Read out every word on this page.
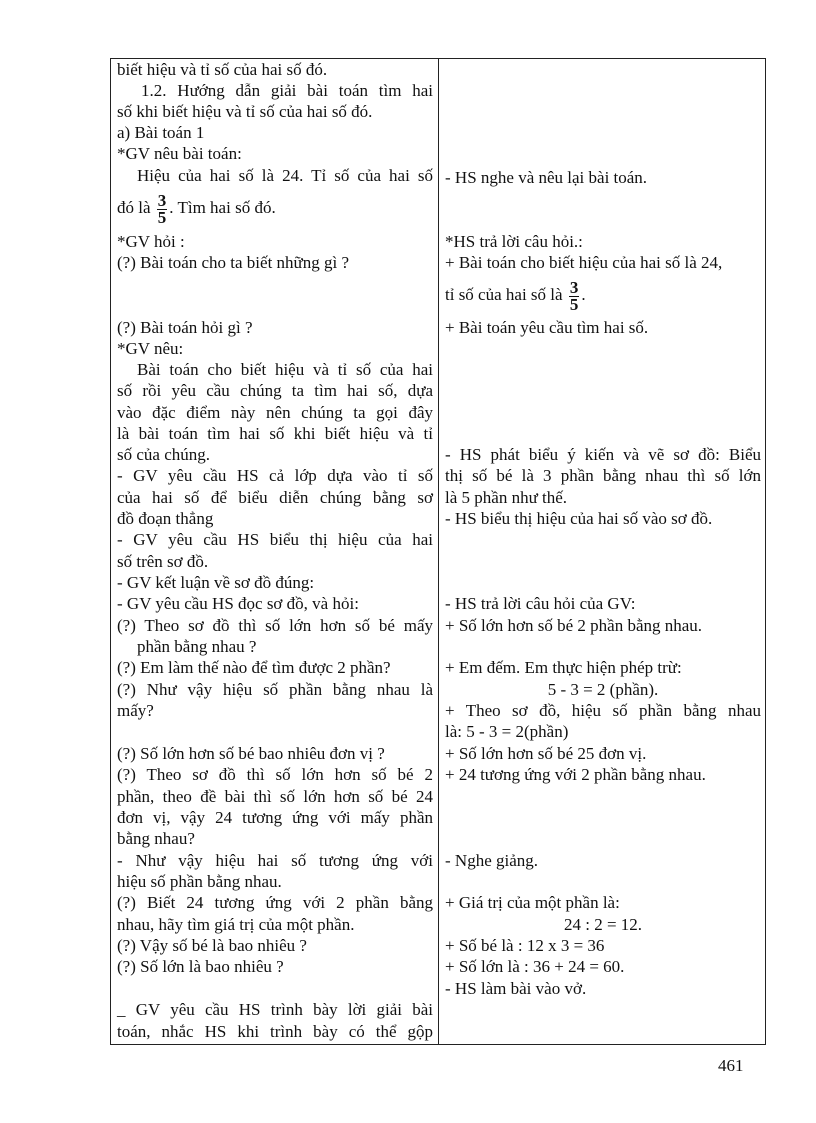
biết hiệu và tỉ số của hai số đó.
1.2. Hướng dẫn giải bài toán tìm hai
số khi biết hiệu và tỉ số của hai số đó.
a) Bài toán 1
*GV nêu bài toán:
Hiệu của hai số là 24. Tỉ số của hai số
đó là $\frac{3}{5}$ . Tìm hai số đó.
*GV hỏi :
(?) Bài toán cho ta biết những gì ?
(?) Bài toán hỏi gì ?
*GV nêu:
Bài toán cho biết hiệu và tỉ số của hai
số rồi yêu cầu chúng ta tìm hai số, dựa
vào đặc điểm này nên chúng ta gọi đây
là bài toán tìm hai số khi biết hiệu và tỉ
số của chúng.
- GV yêu cầu HS cả lớp dựa vào tỉ số
của hai số để biểu diễn chúng bằng sơ
đồ đoạn thẳng
- GV yêu cầu HS biểu thị hiệu của hai
số trên sơ đồ.
- GV kết luận về sơ đồ đúng:
- GV yêu cầu HS đọc sơ đồ, và hỏi:
(?) Theo sơ đồ thì số lớn hơn số bé mấy
phần bằng nhau ?
(?) Em làm thế nào để tìm được 2 phần?
(?) Như vậy hiệu số phần bằng nhau là
mấy?
(?) Số lớn hơn số bé bao nhiêu đơn vị ?
(?) Theo sơ đồ thì số lớn hơn số bé 2
phần, theo đề bài thì số lớn hơn số bé 24
đơn vị, vậy 24 tương ứng với mấy phần
bằng nhau?
- Như vậy hiệu hai số tương ứng với
hiệu số phần bằng nhau.
(?) Biết 24 tương ứng với 2 phần bằng
nhau, hãy tìm giá trị của một phần.
(?) Vậy số bé là bao nhiêu ?
(?) Số lớn là bao nhiêu ?
_ GV yêu cầu HS trình bày lời giải bài
toán, nhắc HS khi trình bày có thể gộp
- HS nghe và nêu lại bài toán.
*HS trả lời câu hỏi.:
+ Bài toán cho biết hiệu của hai số là 24,
tỉ số của hai số là $\frac{3}{5}$ .
+ Bài toán yêu cầu tìm hai số.
- HS phát biểu ý kiến và vẽ sơ đồ: Biểu
thị số bé là 3 phần bằng nhau thì số lớn
là 5 phần như thế.
- HS biểu thị hiệu của hai số vào sơ đồ.
- HS trả lời câu hỏi của GV:
+ Số lớn hơn số bé 2 phần bằng nhau.
+ Em đếm. Em thực hiện phép trừ:
5 - 3 = 2 (phần).
+ Theo sơ đồ, hiệu số phần bằng nhau
là: 5 - 3 = 2(phần)
+ Số lớn hơn số bé 25 đơn vị.
+ 24 tương ứng với 2 phần bằng nhau.
- Nghe giảng.
+ Giá trị của một phần là:
24 : 2 = 12.
+ Số bé là : 12 x 3 = 36
+ Số lớn là : 36 + 24 = 60.
- HS làm bài vào vở.
461
